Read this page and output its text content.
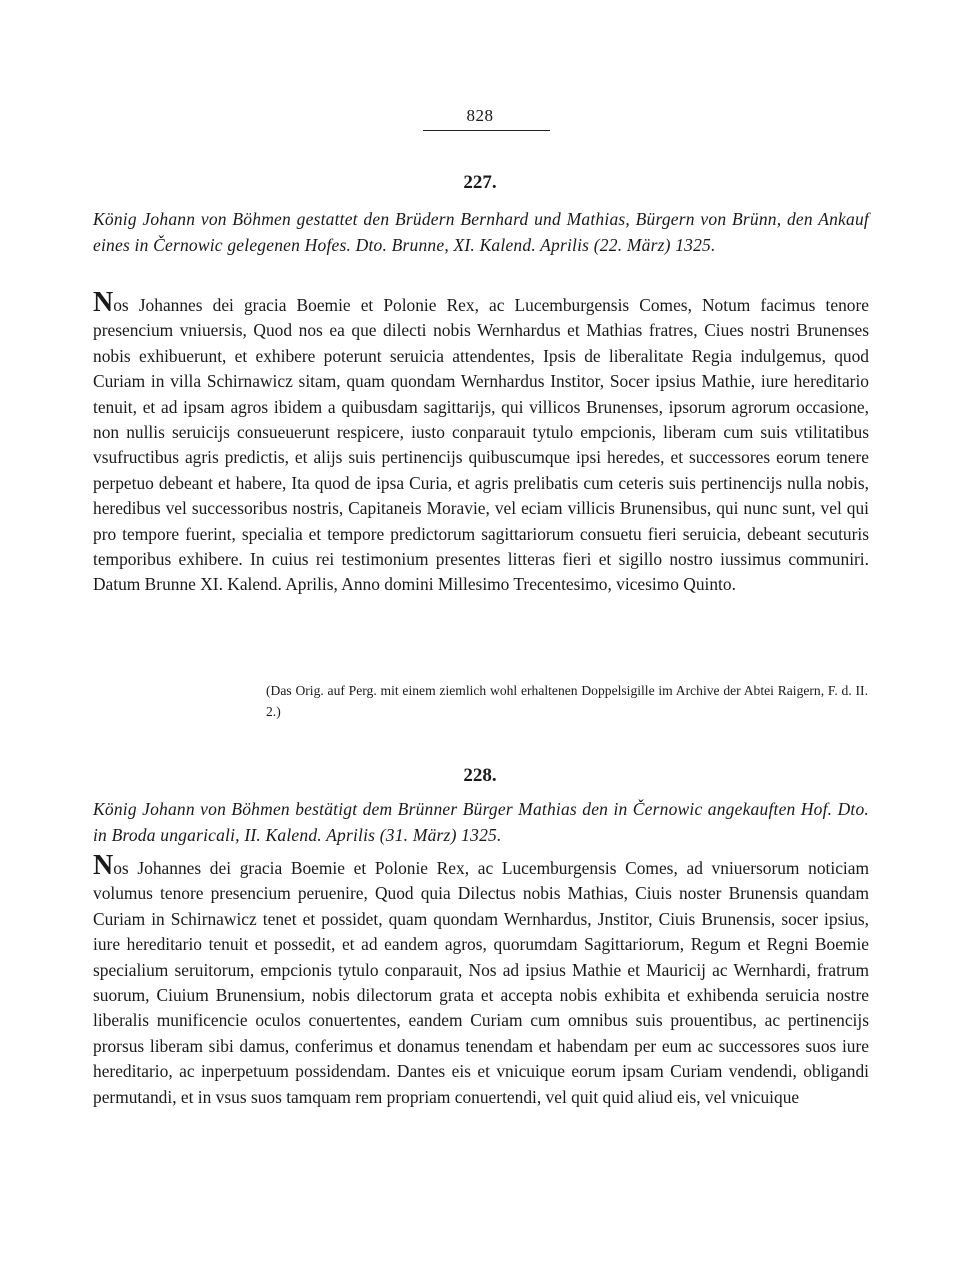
828
227.
König Johann von Böhmen gestattet den Brüdern Bernhard und Mathias, Bürgern von Brünn, den Ankauf eines in Černowic gelegenen Hofes. Dto. Brunne, XI. Kalend. Aprilis (22. März) 1325.

Nos Johannes dei gracia Boemie et Polonie Rex, ac Lucemburgensis Comes, Notum facimus tenore presencium vniuersis, Quod nos ea que dilecti nobis Wernhardus et Mathias fratres, Ciues nostri Brunenses nobis exhibuerunt, et exhibere poterunt seruicia attendentes, Ipsis de liberalitate Regia indulgemus, quod Curiam in villa Schirnawicz sitam, quam quondam Wernhardus Institor, Socer ipsius Mathie, iure hereditario tenuit, et ad ipsam agros ibidem a quibusdam sagittarijs, qui villicos Brunenses, ipsorum agrorum occasione, non nullis seruicijs consueuerunt respicere, iusto conparauit tytulo empcionis, liberam cum suis vtilitatibus vsufructibus agris predictis, et alijs suis pertinencijs quibuscumque ipsi heredes, et successores eorum tenere perpetuo debeant et habere, Ita quod de ipsa Curia, et agris prelibatis cum ceteris suis pertinencijs nulla nobis, heredibus vel successoribus nostris, Capitaneis Moravie, vel eciam villicis Brunensibus, qui nunc sunt, vel qui pro tempore fuerint, specialia et tempore predictorum sagittariorum consuetu fieri seruicia, debeant secuturis temporibus exhibere. In cuius rei testimonium presentes litteras fieri et sigillo nostro iussimus communiri. Datum Brunne XI. Kalend. Aprilis, Anno domini Millesimo Trecentesimo, vicesimo Quinto.

(Das Orig. auf Perg. mit einem ziemlich wohl erhaltenen Doppelsigille im Archive der Abtei Raigern, F. d. II. 2.)
228.
König Johann von Böhmen bestätigt dem Brünner Bürger Mathias den in Černowic angekauften Hof. Dto. in Broda ungaricali, II. Kalend. Aprilis (31. März) 1325.

Nos Johannes dei gracia Boemie et Polonie Rex, ac Lucemburgensis Comes, ad vniuersorum noticiam volumus tenore presencium peruenire, Quod quia Dilectus nobis Mathias, Ciuis noster Brunensis quandam Curiam in Schirnawicz tenet et possidet, quam quondam Wernhardus, Jnstitor, Ciuis Brunensis, socer ipsius, iure hereditario tenuit et possedit, et ad eandem agros, quorumdam Sagittariorum, Regum et Regni Boemie specialium seruitorum, empcionis tytulo conparauit, Nos ad ipsius Mathie et Mauricij ac Wernhardi, fratrum suorum, Ciuium Brunensium, nobis dilectorum grata et accepta nobis exhibita et exhibenda seruicia nostre liberalis munificencie oculos conuertentes, eandem Curiam cum omnibus suis prouentibus, ac pertinencijs prorsus liberam sibi damus, conferimus et donamus tenendam et habendam per eum ac successores suos iure hereditario, ac inperpetuum possidendam. Dantes eis et vnicuique eorum ipsam Curiam vendendi, obligandi permutandi, et in vsus suos tamquam rem propriam conuertendi, vel quit quid aliud eis, vel vnicuique
